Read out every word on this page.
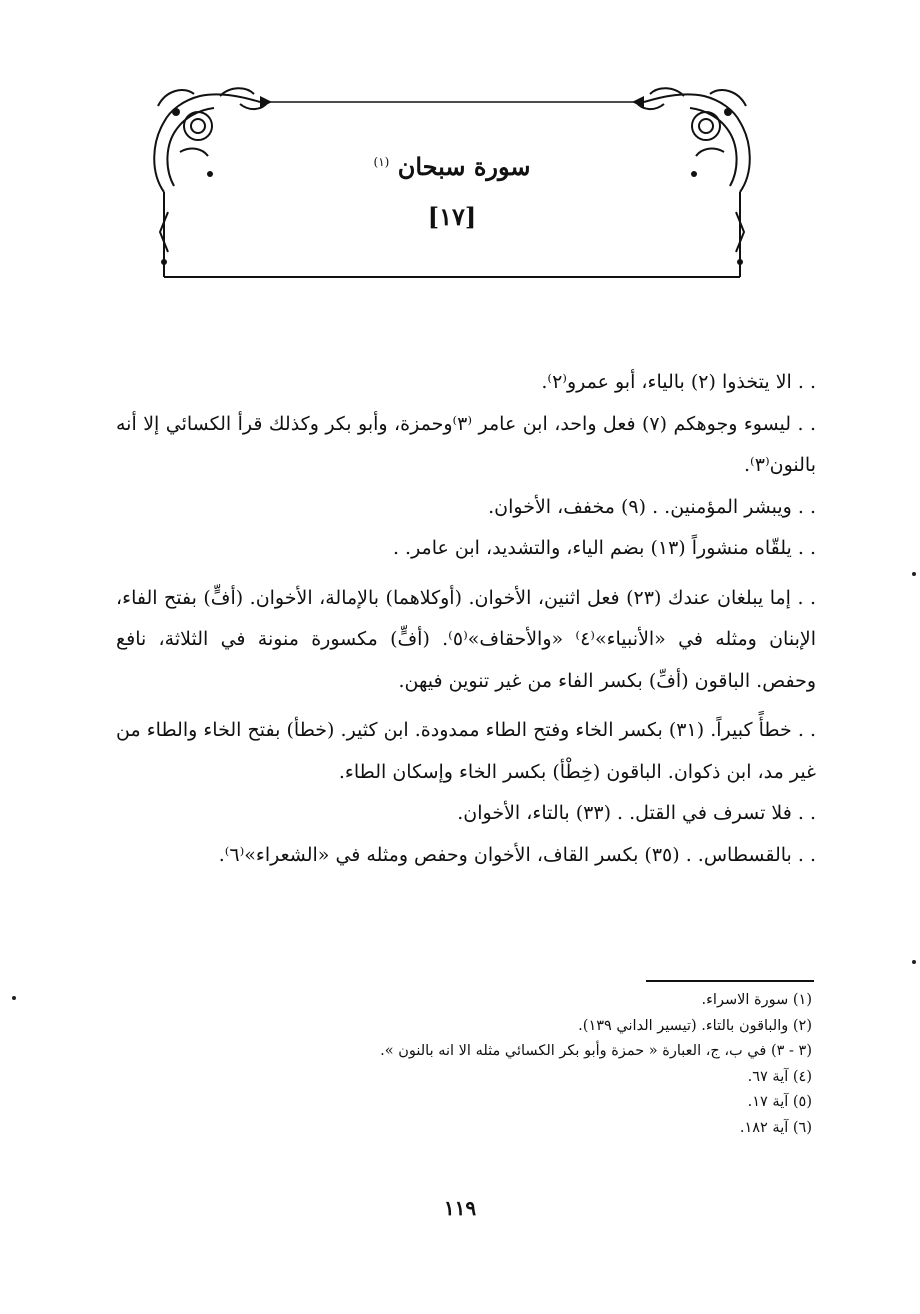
سورة سبحان $^{(١)}$
[١٧]

. . الا يتخذوا (٢) بالياء، أبو عمرو⁽٢⁾.

. . ليسوء وجوهكم (٧) فعل واحد، ابن عامر ⁽٣⁾وحمزة، وأبو بكر وكذلك قرأ الكسائي إلا أنه بالنون⁽٣⁾.

. . ويبشر المؤمنين. . (٩) مخفف، الأخوان.

. . يلقّاه منشوراً (١٣) بضم الياء، والتشديد، ابن عامر. .

. . إما يبلغان عندك (٢٣) فعل اثنين، الأخوان. (أوكلاهما) بالإمالة، الأخوان. (أفٍّ) بفتح الفاء، الإبنان ومثله في «الأنبياء»⁽٤⁾ «والأحقاف»⁽٥⁾. (أفٍّ) مكسورة منونة في الثلاثة، نافع وحفص. الباقون (أفِّ) بكسر الفاء من غير تنوين فيهن.

. . خطأً كبيراً. (٣١) بكسر الخاء وفتح الطاء ممدودة. ابن كثير. (خطأ) بفتح الخاء والطاء من غير مد، ابن ذكوان. الباقون (خِطْأ) بكسر الخاء وإسكان الطاء.

. . فلا تسرف في القتل. . (٣٣) بالتاء، الأخوان.

. . بالقسطاس. . (٣٥) بكسر القاف، الأخوان وحفص ومثله في «الشعراء»⁽٦⁾.

(١) سورة الاسراء.

(٢) والباقون بالتاء. (تيسير الداني ١٣٩).

(٣ - ٣) في ب، ج، العبارة « حمزة وأبو بكر الكسائي مثله الا انه بالنون ».

(٤) آية ٦٧.

(٥) آية ١٧.

(٦) آية ١٨٢.

١١٩
